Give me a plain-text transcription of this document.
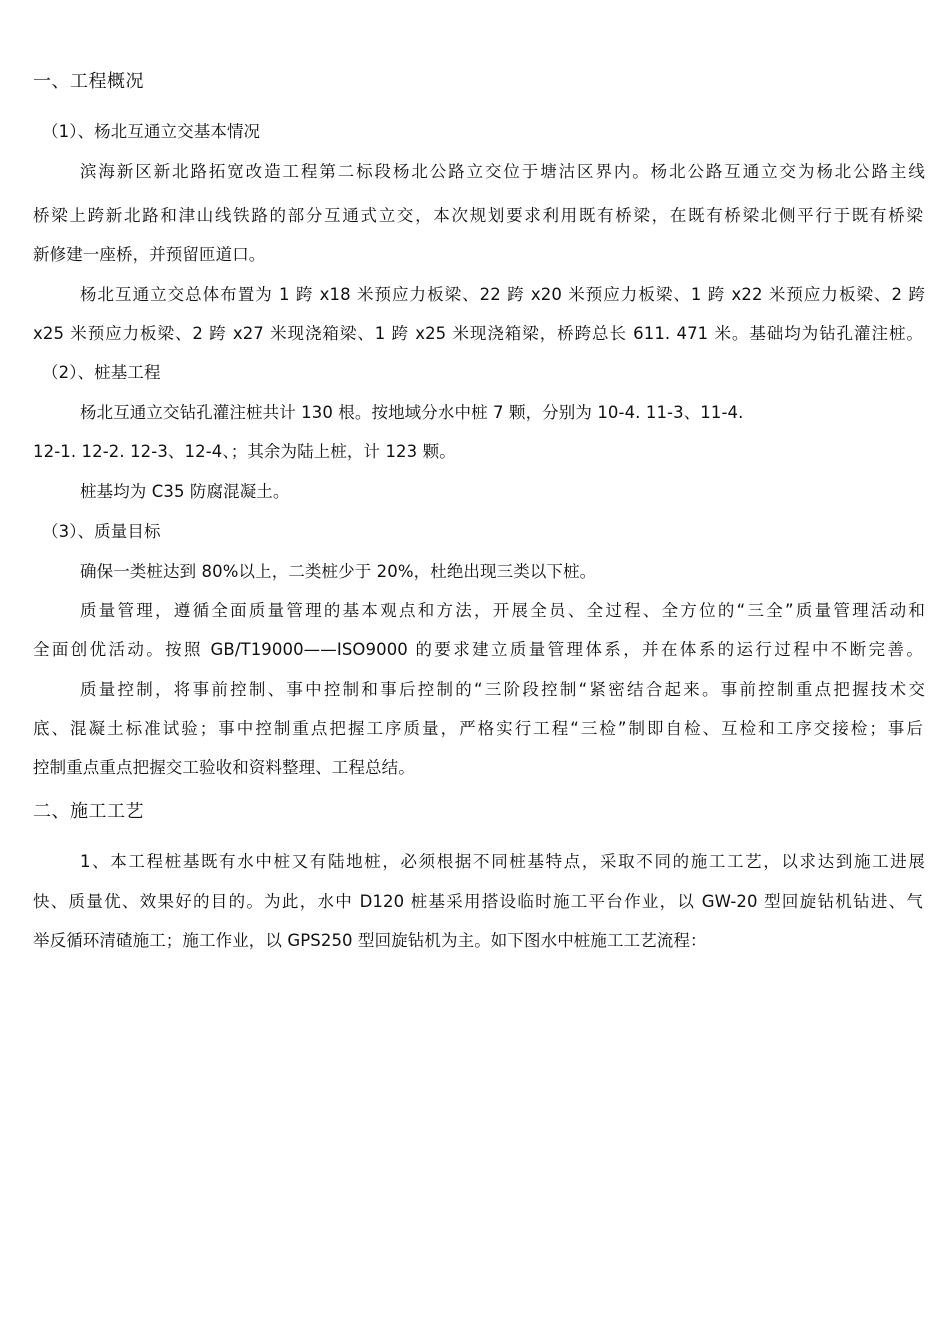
一、工程概况
（1）、杨北互通立交基本情况
滨海新区新北路拓宽改造工程第二标段杨北公路立交位于塘沽区界内。杨北公路互通立交为杨北公路主线
桥梁上跨新北路和津山线铁路的部分互通式立交，本次规划要求利用既有桥梁，在既有桥梁北侧平行于既有桥梁
新修建一座桥，并预留匝道口。
杨北互通立交总体布置为 1 跨 x18 米预应力板梁、22 跨 x20 米预应力板梁、1 跨 x22 米预应力板梁、2 跨
x25 米预应力板梁、2 跨 x27 米现浇箱梁、1 跨 x25 米现浇箱梁，桥跨总长 611. 471 米。基础均为钻孔灌注桩。
（2）、桩基工程
杨北互通立交钻孔灌注桩共计 130 根。按地域分水中桩 7 颗，分别为 10-4. 11-3、11-4.
12-1. 12-2. 12-3、12-4、；其余为陆上桩，计 123 颗。
桩基均为 C35 防腐混凝土。
（3）、质量目标
确保一类桩达到 80%以上，二类桩少于 20%，杜绝出现三类以下桩。
质量管理，遵循全面质量管理的基本观点和方法，开展全员、全过程、全方位的“三全”质量管理活动和
全面创优活动。按照 GB/T19000——ISO9000 的要求建立质量管理体系，并在体系的运行过程中不断完善。
质量控制，将事前控制、事中控制和事后控制的“三阶段控制“紧密结合起来。事前控制重点把握技术交
底、混凝土标准试验；事中控制重点把握工序质量，严格实行工程“三检”制即自检、互检和工序交接检；事后
控制重点重点把握交工验收和资料整理、工程总结。
二、施工工艺
1、本工程桩基既有水中桩又有陆地桩，必须根据不同桩基特点，采取不同的施工工艺，以求达到施工进展
快、质量优、效果好的目的。为此，水中 D120 桩基采用搭设临时施工平台作业，以 GW-20 型回旋钻机钻进、气
举反循环清碴施工；施工作业，以 GPS250 型回旋钻机为主。如下图水中桩施工工艺流程：
